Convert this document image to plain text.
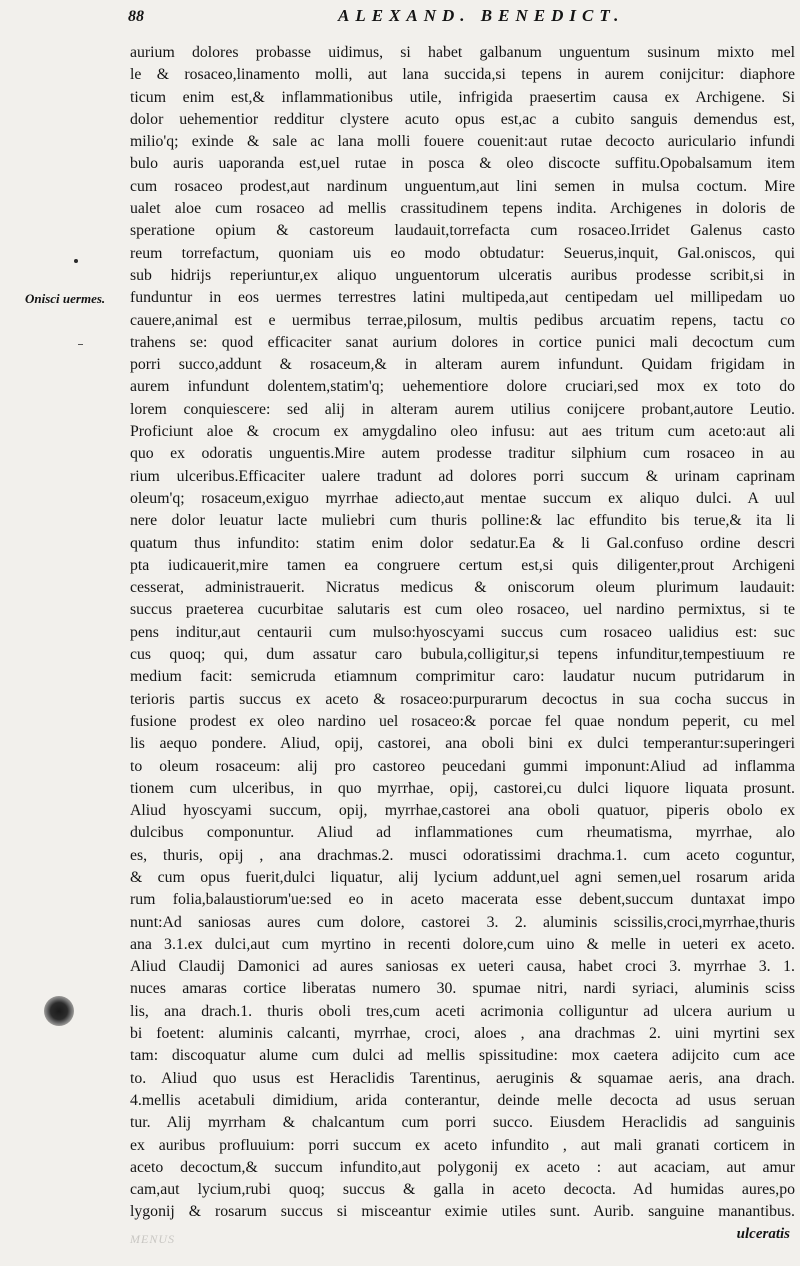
88	ALEXAND. BENEDICT.
Onisci uermes.
aurium dolores probasse uidimus, si habet galbanum unguentum susinum mixto mel
le & rosaceo,linamento molli, aut lana succida,si tepens in aurem conijcitur: diaphore
ticum enim est,& inflammationibus utile, infrigida praesertim causa ex Archigene. Si
dolor uehementior redditur clystere acuto opus est,ac a cubito sanguis demendus est,
milio'q; exinde & sale ac lana molli fouere couenit:aut rutae decocto auriculario infundi
bulo auris uaporanda est,uel rutae in posca & oleo discocte suffitu.Opobalsamum item
cum rosaceo prodest,aut nardinum unguentum,aut lini semen in mulsa coctum. Mire
ualet aloe cum rosaceo ad mellis crassitudinem tepens indita. Archigenes in doloris de
speratione opium & castoreum laudauit,torrefacta cum rosaceo.Irridet Galenus casto
reum torrefactum, quoniam uis eo modo obtudatur: Seuerus,inquit, Gal.oniscos, qui
sub hidrijs reperiuntur,ex aliquo unguentorum ulceratis auribus prodesse scribit,si in
funduntur in eos uermes terrestres latini multipeda,aut centipedam uel millipedam uo
cauere,animal est e uermibus terrae,pilosum, multis pedibus arcuatim repens, tactu co
trahens se: quod efficaciter sanat aurium dolores in cortice punici mali decoctum cum
porri succo,addunt & rosaceum,& in alteram aurem infundunt. Quidam frigidam in
aurem infundunt dolentem,statim'q; uehementiore dolore cruciari,sed mox ex toto do
lorem conquiescere: sed alij in alteram aurem utilius conijcere probant,autore Leutio.
Proficiunt aloe & crocum ex amygdalino oleo infusu: aut aes tritum cum aceto:aut ali
quo ex odoratis unguentis.Mire autem prodesse traditur silphium cum rosaceo in au
rium ulceribus.Efficaciter ualere tradunt ad dolores porri succum & urinam caprinam
oleum'q; rosaceum,exiguo myrrhae adiecto,aut mentae succum ex aliquo dulci. A uul
nere dolor leuatur lacte muliebri cum thuris polline:& lac effundito bis terue,& ita li
quatum thus infundito: statim enim dolor sedatur.Ea & li Gal.confuso ordine descri
pta iudicauerit,mire tamen ea congruere certum est,si quis diligenter,prout Archigeni
cesserat, administrauerit. Nicratus medicus & oniscorum oleum plurimum laudauit:
succus praeterea cucurbitae salutaris est cum oleo rosaceo, uel nardino permixtus, si te
pens inditur,aut centaurii cum mulso:hyoscyami succus cum rosaceo ualidius est: suc
cus quoq; qui, dum assatur caro bubula,colligitur,si tepens infunditur,tempestiuum re
medium facit: semicruda etiamnum comprimitur caro: laudatur nucum putridarum in
terioris partis succus ex aceto & rosaceo:purpurarum decoctus in sua cocha succus in
fusione prodest ex oleo nardino uel rosaceo:& porcae fel quae nondum peperit, cu mel
lis aequo pondere. Aliud, opij, castorei, ana oboli bini ex dulci temperantur:superingeri
to oleum rosaceum: alij pro castoreo peucedani gummi imponunt:Aliud ad inflamma
tionem cum ulceribus, in quo myrrhae, opij, castorei,cu dulci liquore liquata prosunt.
Aliud hyoscyami succum, opij, myrrhae,castorei ana oboli quatuor, piperis obolo ex
dulcibus componuntur. Aliud ad inflammationes cum rheumatisma, myrrhae, alo
es, thuris, opij , ana drachmas.2. musci odoratissimi drachma.1. cum aceto coguntur,
& cum opus fuerit,dulci liquatur, alij lycium addunt,uel agni semen,uel rosarum arida
rum folia,balaustiorum'ue:sed eo in aceto macerata esse debent,succum duntaxat impo
nunt:Ad saniosas aures cum dolore, castorei 3. 2. aluminis scissilis,croci,myrrhae,thuris
ana 3.1.ex dulci,aut cum myrtino in recenti dolore,cum uino & melle in ueteri ex aceto.
Aliud Claudij Damonici ad aures saniosas ex ueteri causa, habet croci 3. myrrhae 3. 1.
nuces amaras cortice liberatas numero 30. spumae nitri, nardi syriaci, aluminis sciss
lis, ana drach.1. thuris oboli tres,cum aceti acrimonia colliguntur ad ulcera aurium u
bi foetent: aluminis calcanti, myrrhae, croci, aloes , ana drachmas 2. uini myrtini sex
tam: discoquatur alume cum dulci ad mellis spissitudine: mox caetera adijcito cum ace
to. Aliud quo usus est Heraclidis Tarentinus, aeruginis & squamae aeris, ana drach.
4.mellis acetabuli dimidium, arida conterantur, deinde melle decocta ad usus seruan
tur. Alij myrrham & chalcantum cum porri succo. Eiusdem Heraclidis ad sanguinis
ex auribus profluuium: porri succum ex aceto infundito , aut mali granati corticem in
aceto decoctum,& succum infundito,aut polygonij ex aceto : aut acaciam, aut amur
cam,aut lycium,rubi quoq; succus & galla in aceto decocta. Ad humidas aures,po
lygonij & rosarum succus si misceantur eximie utiles sunt. Aurib. sanguine manantibus.
MENUS	ulceratis
